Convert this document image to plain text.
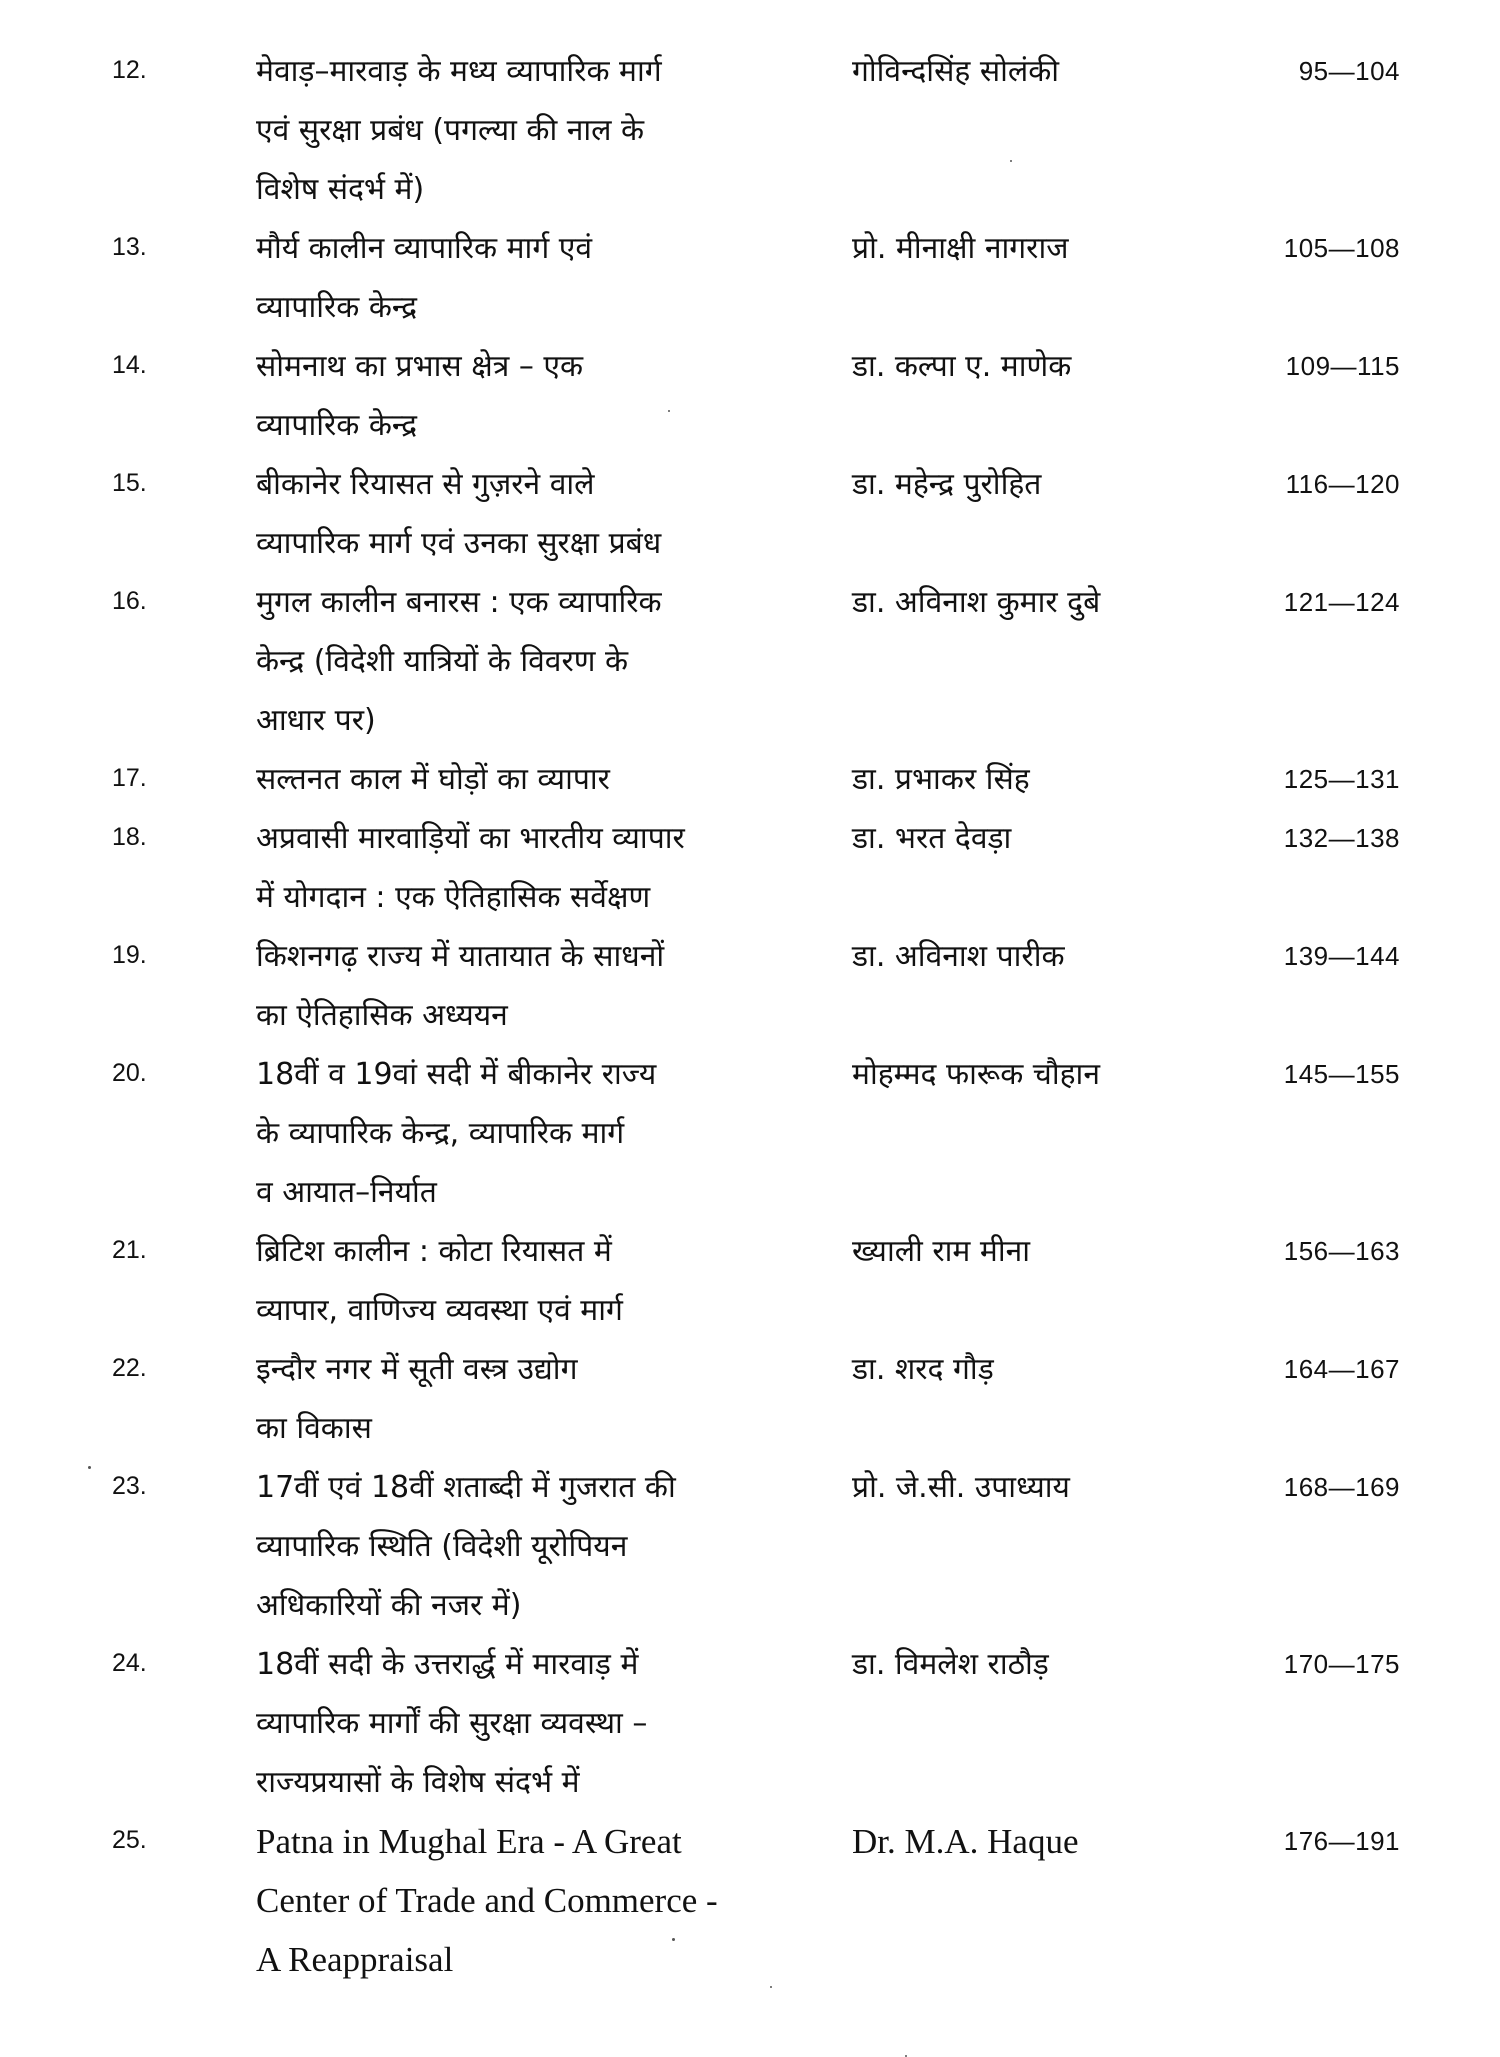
12.	मेवाड़–मारवाड़ के मध्य व्यापारिक मार्ग
एवं सुरक्षा प्रबंध (पगल्या की नाल के
विशेष संदर्भ में)
गोविन्दसिंह सोलंकी	95—104
13.	मौर्य कालीन व्यापारिक मार्ग एवं
व्यापारिक केन्द्र
प्रो. मीनाक्षी नागराज	105—108
14.	सोमनाथ का प्रभास क्षेत्र – एक
व्यापारिक केन्द्र
डा. कल्पा ए. माणेक	109—115
15.	बीकानेर रियासत से गुज़रने वाले
व्यापारिक मार्ग एवं उनका सुरक्षा प्रबंध
डा. महेन्द्र पुरोहित	116—120
16.	मुगल कालीन बनारस : एक व्यापारिक
केन्द्र (विदेशी यात्रियों के विवरण के
आधार पर)
डा. अविनाश कुमार दुबे	121—124
17.	सल्तनत काल में घोड़ों का व्यापार	डा. प्रभाकर सिंह	125—131
18.	अप्रवासी मारवाड़ियों का भारतीय व्यापार
में योगदान : एक ऐतिहासिक सर्वेक्षण
डा. भरत देवड़ा	132—138
19.	किशनगढ़ राज्य में यातायात के साधनों
का ऐतिहासिक अध्ययन
डा. अविनाश पारीक	139—144
20.	18वीं व 19वां सदी में बीकानेर राज्य
के व्यापारिक केन्द्र, व्यापारिक मार्ग
व आयात–निर्यात
मोहम्मद फारूक चौहान	145—155
21.	ब्रिटिश कालीन : कोटा रियासत में
व्यापार, वाणिज्य व्यवस्था एवं मार्ग
ख्याली राम मीना	156—163
22.	इन्दौर नगर में सूती वस्त्र उद्योग
का विकास
डा. शरद गौड़	164—167
23.	17वीं एवं 18वीं शताब्दी में गुजरात की
व्यापारिक स्थिति (विदेशी यूरोपियन
अधिकारियों की नजर में)
प्रो. जे.सी. उपाध्याय	168—169
24.	18वीं सदी के उत्तरार्द्ध में मारवाड़ में
व्यापारिक मार्गों की सुरक्षा व्यवस्था –
राज्यप्रयासों के विशेष संदर्भ में
डा. विमलेश राठौड़	170—175
25.	Patna in Mughal Era - A Great
Center of Trade and Commerce -
A Reappraisal
Dr. M.A. Haque	176—191
